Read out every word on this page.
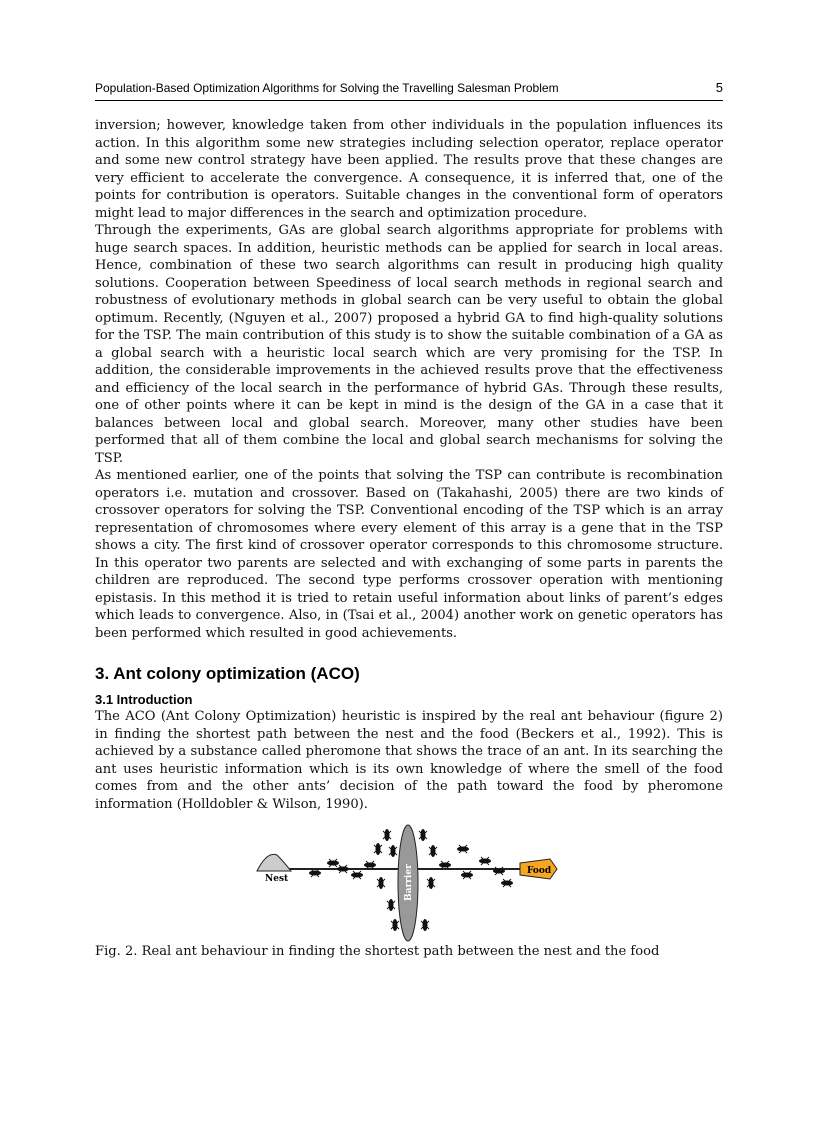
Population-Based Optimization Algorithms for Solving the Travelling Salesman Problem	5

inversion; however, knowledge taken from other individuals in the population influences its action. In this algorithm some new strategies including selection operator, replace operator and some new control strategy have been applied. The results prove that these changes are very efficient to accelerate the convergence. A consequence, it is inferred that, one of the points for contribution is operators. Suitable changes in the conventional form of operators might lead to major differences in the search and optimization procedure.

Through the experiments, GAs are global search algorithms appropriate for problems with huge search spaces. In addition, heuristic methods can be applied for search in local areas. Hence, combination of these two search algorithms can result in producing high quality solutions. Cooperation between Speediness of local search methods in regional search and robustness of evolutionary methods in global search can be very useful to obtain the global optimum. Recently, (Nguyen et al., 2007) proposed a hybrid GA to find high-quality solutions for the TSP. The main contribution of this study is to show the suitable combination of a GA as a global search with a heuristic local search which are very promising for the TSP. In addition, the considerable improvements in the achieved results prove that the effectiveness and efficiency of the local search in the performance of hybrid GAs. Through these results, one of other points where it can be kept in mind is the design of the GA in a case that it balances between local and global search. Moreover, many other studies have been performed that all of them combine the local and global search mechanisms for solving the TSP.

As mentioned earlier, one of the points that solving the TSP can contribute is recombination operators i.e. mutation and crossover. Based on (Takahashi, 2005) there are two kinds of crossover operators for solving the TSP. Conventional encoding of the TSP which is an array representation of chromosomes where every element of this array is a gene that in the TSP shows a city. The first kind of crossover operator corresponds to this chromosome structure. In this operator two parents are selected and with exchanging of some parts in parents the children are reproduced. The second type performs crossover operation with mentioning epistasis. In this method it is tried to retain useful information about links of parent’s edges which leads to convergence. Also, in (Tsai et al., 2004) another work on genetic operators has been performed which resulted in good achievements.

3. Ant colony optimization (ACO)
3.1 Introduction

The ACO (Ant Colony Optimization) heuristic is inspired by the real ant behaviour (figure 2) in finding the shortest path between the nest and the food (Beckers et al., 1992). This is achieved by a substance called pheromone that shows the trace of an ant. In its searching the ant uses heuristic information which is its own knowledge of where the smell of the food comes from and the other ants’ decision of the path toward the food by pheromone information (Holldobler & Wilson, 1990).

Nest
Food
Barrier

Fig. 2. Real ant behaviour in finding the shortest path between the nest and the food
